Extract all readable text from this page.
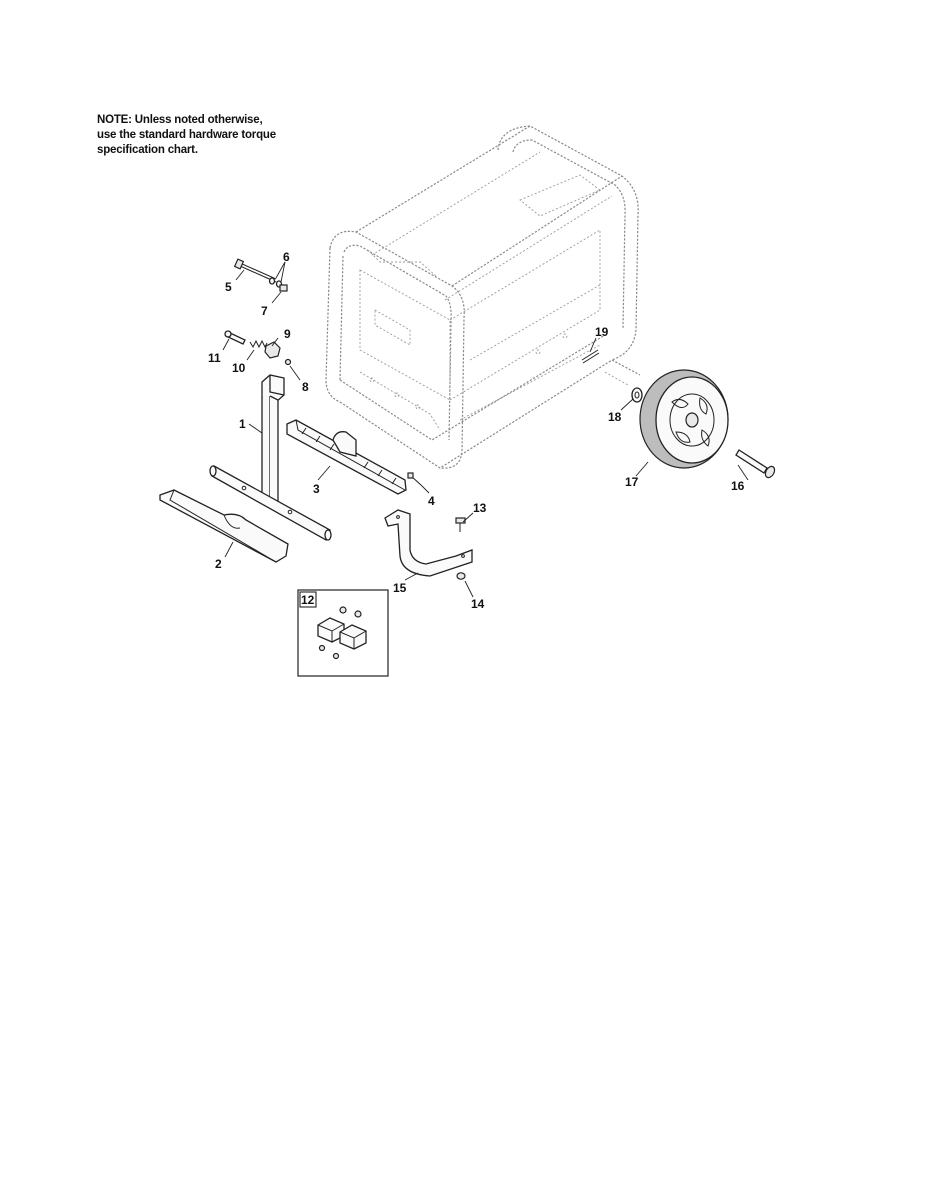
NOTE: Unless noted otherwise,
use the standard hardware torque
specification chart.
1
2
3
4
5
6
7
8
9
10
11
12
13
14
15
16
17
18
19
